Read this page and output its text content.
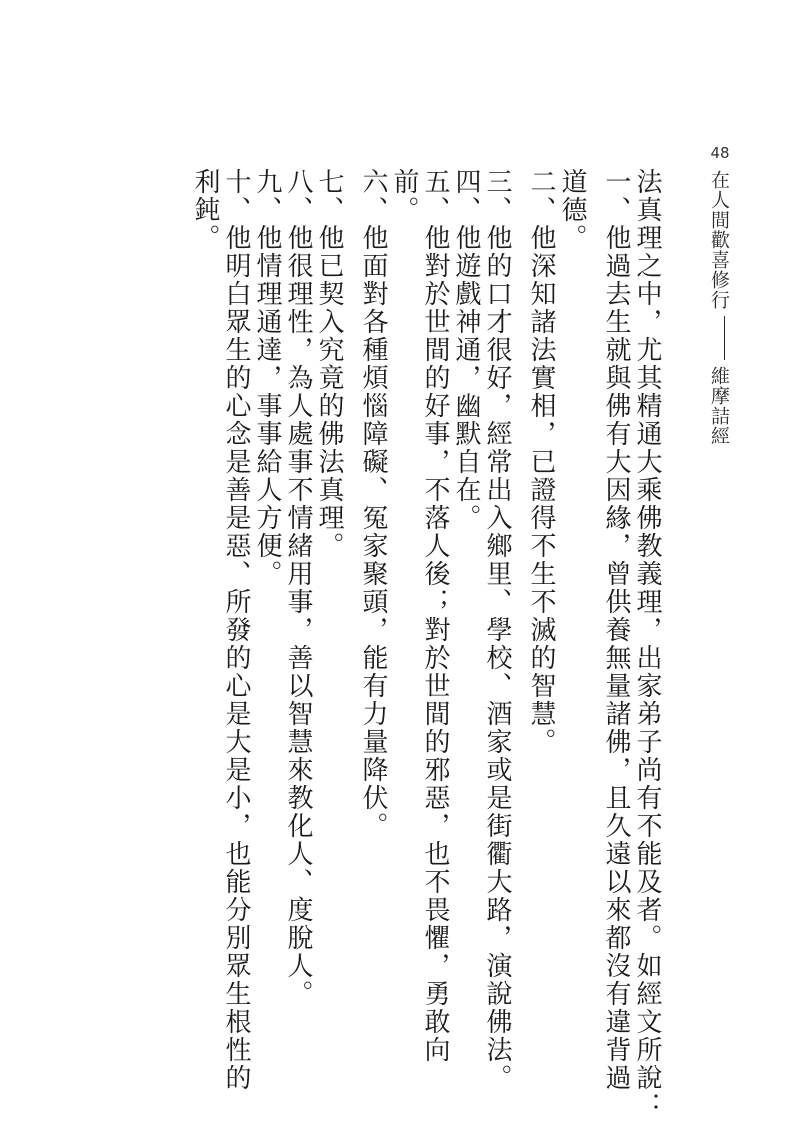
48
在人間歡喜修行維摩詰經

法真理之中，尤其精通大乘佛教義理，出家弟子尚有不能及者。如經文所說：

一、他過去生就與佛有大因緣，曾供養無量諸佛，且久遠以來都沒有違背過

道德。

二、他深知諸法實相，已證得不生不滅的智慧。

三、他的口才很好，經常出入鄉里、學校、酒家或是街衢大路，演說佛法。

四、他遊戲神通，幽默自在。

五、他對於世間的好事，不落人後；對於世間的邪惡，也不畏懼，勇敢向

前。

六、他面對各種煩惱障礙、冤家聚頭，能有力量降伏。

七、他已契入究竟的佛法真理。

八、他很理性，為人處事不情緒用事，善以智慧來教化人、度脫人。

九、他情理通達，事事給人方便。

十、他明白眾生的心念是善是惡、所發的心是大是小，也能分別眾生根性的

利鈍。
